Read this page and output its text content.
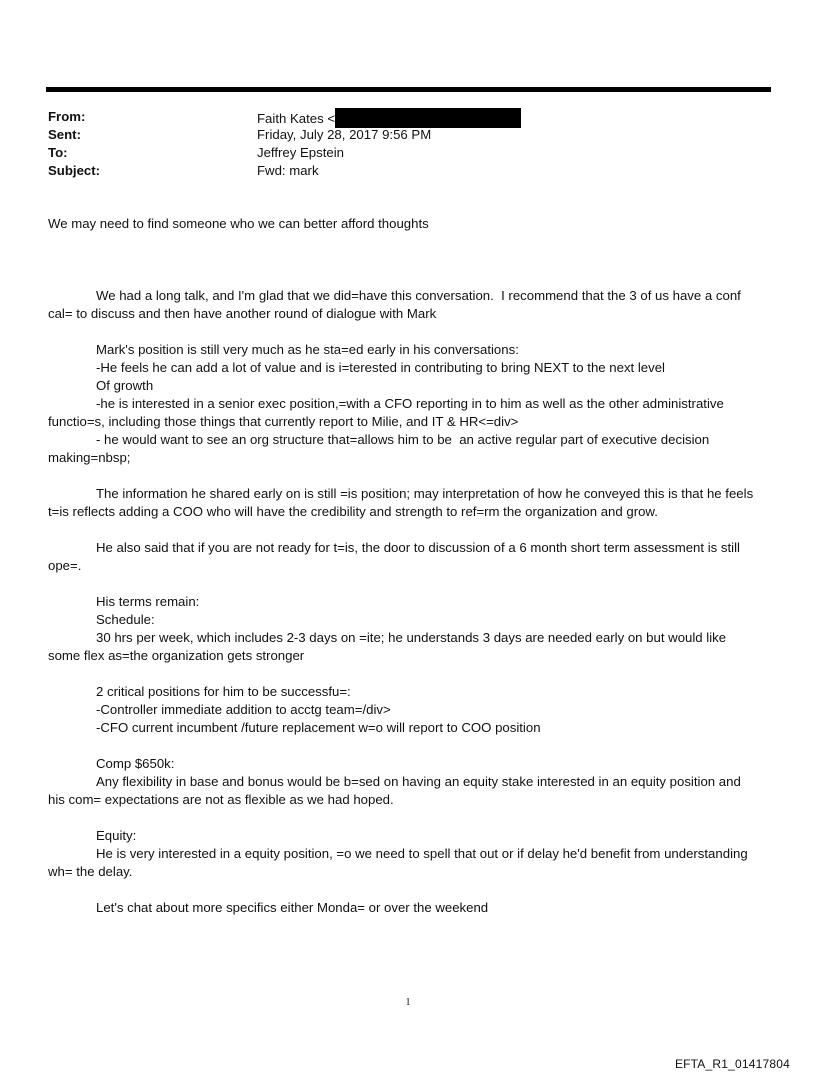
From:	Faith Kates <
Sent:	Friday, July 28, 2017 9:56 PM
To:	Jeffrey Epstein
Subject:	Fwd: mark

We may need to find someone who we can better afford thoughts

We had a long talk, and I'm glad that we did=have this conversation.  I recommend that the 3 of us have a conf cal= to discuss and then have another round of dialogue with Mark

Mark's position is still very much as he sta=ed early in his conversations:

-He feels he can add a lot of value and is i=terested in contributing to bring NEXT to the next level

Of growth

-he is interested in a senior exec position,=with a CFO reporting in to him as well as the other administrative functio=s, including those things that currently report to Milie, and IT & HR<=div>

- he would want to see an org structure that=allows him to be  an active regular part of executive decision making=nbsp;

The information he shared early on is still =is position; may interpretation of how he conveyed this is that he feels t=is reflects adding a COO who will have the credibility and strength to ref=rm the organization and grow.

He also said that if you are not ready for t=is, the door to discussion of a 6 month short term assessment is still ope=.

His terms remain:

Schedule:

30 hrs per week, which includes 2-3 days on =ite; he understands 3 days are needed early on but would like some flex as=the organization gets stronger

2 critical positions for him to be successfu=:

-Controller immediate addition to acctg team=/div>

-CFO current incumbent /future replacement w=o will report to COO position

Comp $650k:

Any flexibility in base and bonus would be b=sed on having an equity stake interested in an equity position and his com= expectations are not as flexible as we had hoped.

Equity:

He is very interested in a equity position, =o we need to spell that out or if delay he'd benefit from understanding wh= the delay.

Let's chat about more specifics either Monda= or over the weekend

1
EFTA_R1_01417804
